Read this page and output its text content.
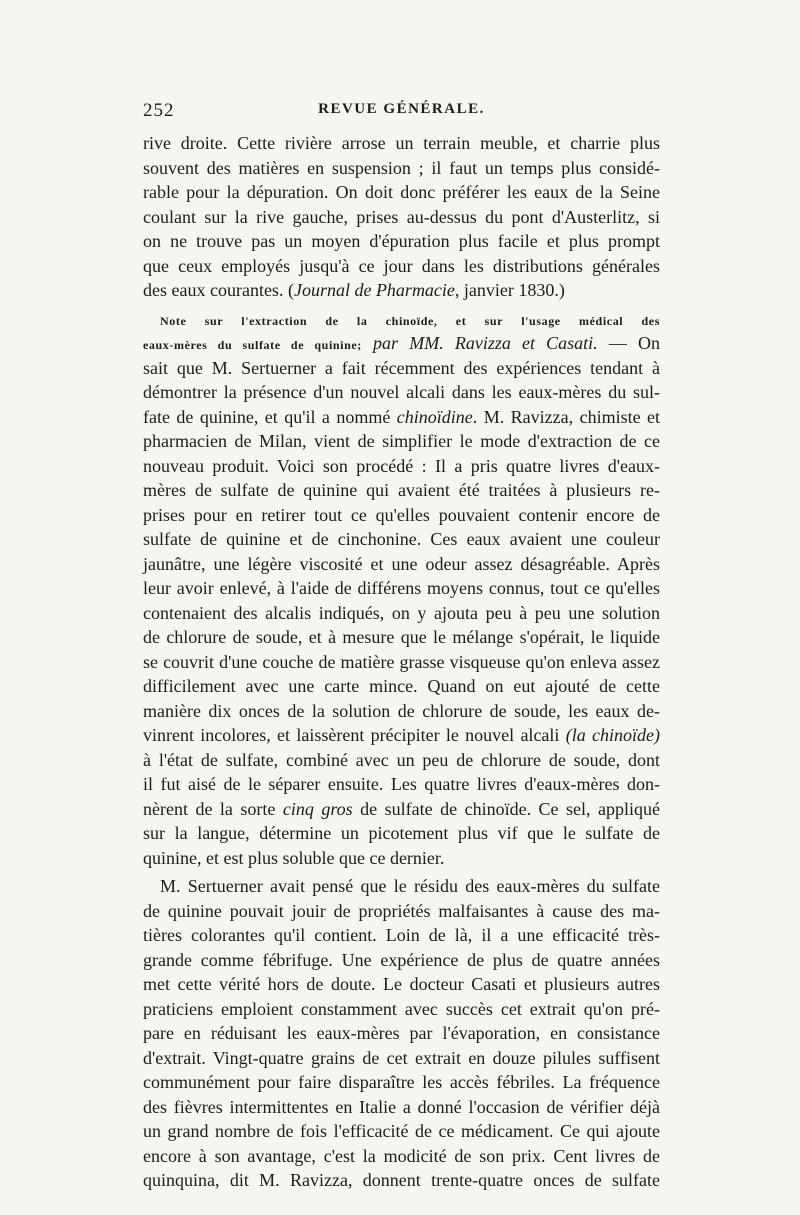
252	REVUE GÉNÉRALE.
rive droite. Cette rivière arrose un terrain meuble, et charrie plus
souvent des matières en suspension ; il faut un temps plus considé-
rable pour la dépuration. On doit donc préférer les eaux de la Seine
coulant sur la rive gauche, prises au-dessus du pont d'Austerlitz, si
on ne trouve pas un moyen d'épuration plus facile et plus prompt
que ceux employés jusqu'à ce jour dans les distributions générales
des eaux courantes. (Journal de Pharmacie, janvier 1830.)
Note sur l'extraction de la chinoïde, et sur l'usage médical des
eaux-mères du sulfate de quinine; par MM. Ravizza et Casati. — On
sait que M. Sertuerner a fait récemment des expériences tendant à
démontrer la présence d'un nouvel alcali dans les eaux-mères du sul-
fate de quinine, et qu'il a nommé chinoïdine. M. Ravizza, chimiste et
pharmacien de Milan, vient de simplifier le mode d'extraction de ce
nouveau produit. Voici son procédé : Il a pris quatre livres d'eaux-
mères de sulfate de quinine qui avaient été traitées à plusieurs re-
prises pour en retirer tout ce qu'elles pouvaient contenir encore de
sulfate de quinine et de cinchonine. Ces eaux avaient une couleur
jaunâtre, une légère viscosité et une odeur assez désagréable. Après
leur avoir enlevé, à l'aide de différens moyens connus, tout ce qu'elles
contenaient des alcalis indiqués, on y ajouta peu à peu une solution
de chlorure de soude, et à mesure que le mélange s'opérait, le liquide
se couvrit d'une couche de matière grasse visqueuse qu'on enleva assez
difficilement avec une carte mince. Quand on eut ajouté de cette
manière dix onces de la solution de chlorure de soude, les eaux de-
vinrent incolores, et laissèrent précipiter le nouvel alcali (la chinoïde)
à l'état de sulfate, combiné avec un peu de chlorure de soude, dont
il fut aisé de le séparer ensuite. Les quatre livres d'eaux-mères don-
nèrent de la sorte cinq gros de sulfate de chinoïde. Ce sel, appliqué
sur la langue, détermine un picotement plus vif que le sulfate de
quinine, et est plus soluble que ce dernier.
M. Sertuerner avait pensé que le résidu des eaux-mères du sulfate
de quinine pouvait jouir de propriétés malfaisantes à cause des ma-
tières colorantes qu'il contient. Loin de là, il a une efficacité très-
grande comme fébrifuge. Une expérience de plus de quatre années
met cette vérité hors de doute. Le docteur Casati et plusieurs autres
praticiens emploient constamment avec succès cet extrait qu'on pré-
pare en réduisant les eaux-mères par l'évaporation, en consistance
d'extrait. Vingt-quatre grains de cet extrait en douze pilules suffisent
communément pour faire disparaître les accès fébriles. La fréquence
des fièvres intermittentes en Italie a donné l'occasion de vérifier déjà
un grand nombre de fois l'efficacité de ce médicament. Ce qui ajoute
encore à son avantage, c'est la modicité de son prix. Cent livres de
quinquina, dit M. Ravizza, donnent trente-quatre onces de sulfate
